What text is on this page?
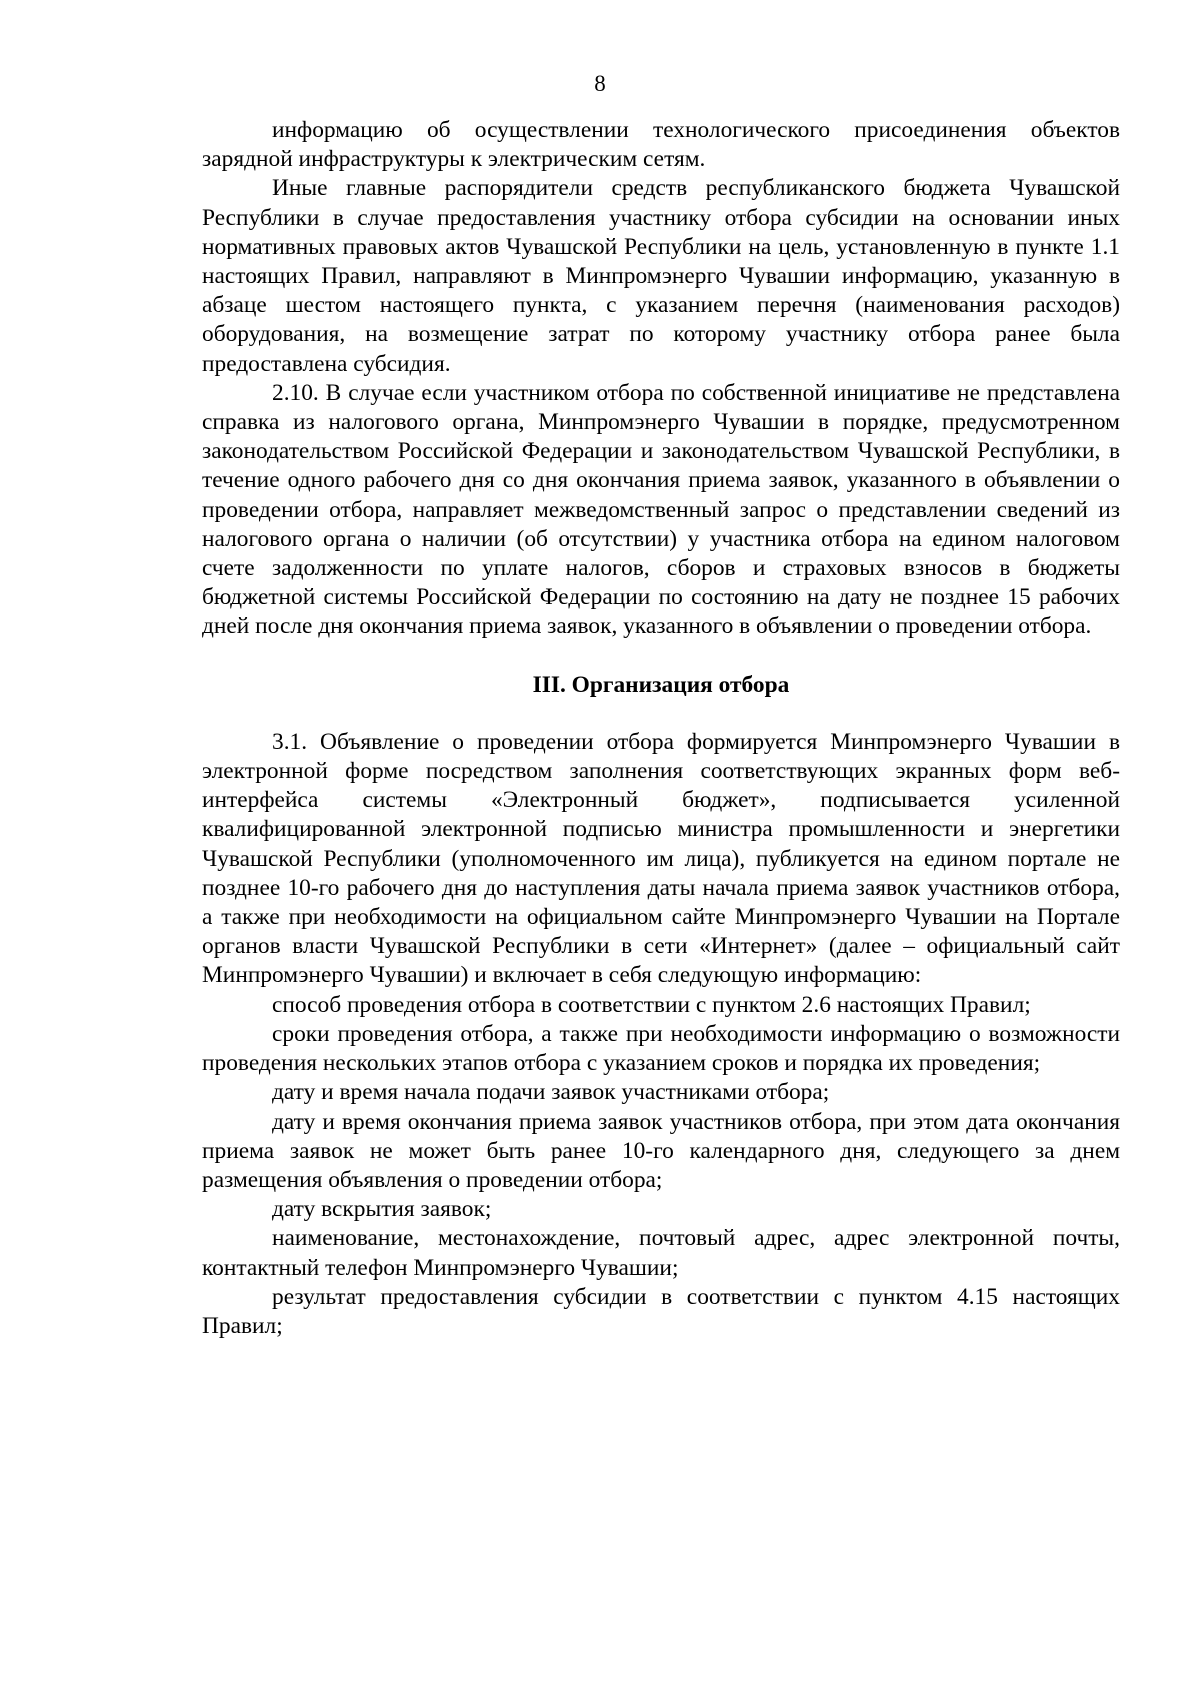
8

информацию об осуществлении технологического присоединения объектов зарядной инфраструктуры к электрическим сетям.

Иные главные распорядители средств республиканского бюджета Чувашской Республики в случае предоставления участнику отбора субсидии на основании иных нормативных правовых актов Чувашской Республики на цель, установленную в пункте 1.1 настоящих Правил, направляют в Минпромэнерго Чувашии информацию, указанную в абзаце шестом настоящего пункта, с указанием перечня (наименования расходов) оборудования, на возмещение затрат по которому участнику отбора ранее была предоставлена субсидия.

2.10. В случае если участником отбора по собственной инициативе не представлена справка из налогового органа, Минпромэнерго Чувашии в порядке, предусмотренном законодательством Российской Федерации и законодательством Чувашской Республики, в течение одного рабочего дня со дня окончания приема заявок, указанного в объявлении о проведении отбора, направляет межведомственный запрос о представлении сведений из налогового органа о наличии (об отсутствии) у участника отбора на едином налоговом счете задолженности по уплате налогов, сборов и страховых взносов в бюджеты бюджетной системы Российской Федерации по состоянию на дату не позднее 15 рабочих дней после дня окончания приема заявок, указанного в объявлении о проведении отбора.

III. Организация отбора

3.1. Объявление о проведении отбора формируется Минпромэнерго Чувашии в электронной форме посредством заполнения соответствующих экранных форм веб-интерфейса системы «Электронный бюджет», подписывается усиленной квалифицированной электронной подписью министра промышленности и энергетики Чувашской Республики (уполномоченного им лица), публикуется на едином портале не позднее 10-го рабочего дня до наступления даты начала приема заявок участников отбора, а также при необходимости на официальном сайте Минпромэнерго Чувашии на Портале органов власти Чувашской Республики в сети «Интернет» (далее – официальный сайт Минпромэнерго Чувашии) и включает в себя следующую информацию:

способ проведения отбора в соответствии с пунктом 2.6 настоящих Правил;

сроки проведения отбора, а также при необходимости информацию о возможности проведения нескольких этапов отбора с указанием сроков и порядка их проведения;

дату и время начала подачи заявок участниками отбора;

дату и время окончания приема заявок участников отбора, при этом дата окончания приема заявок не может быть ранее 10-го календарного дня, следующего за днем размещения объявления о проведении отбора;

дату вскрытия заявок;

наименование, местонахождение, почтовый адрес, адрес электронной почты, контактный телефон Минпромэнерго Чувашии;

результат предоставления субсидии в соответствии с пунктом 4.15 настоящих Правил;
